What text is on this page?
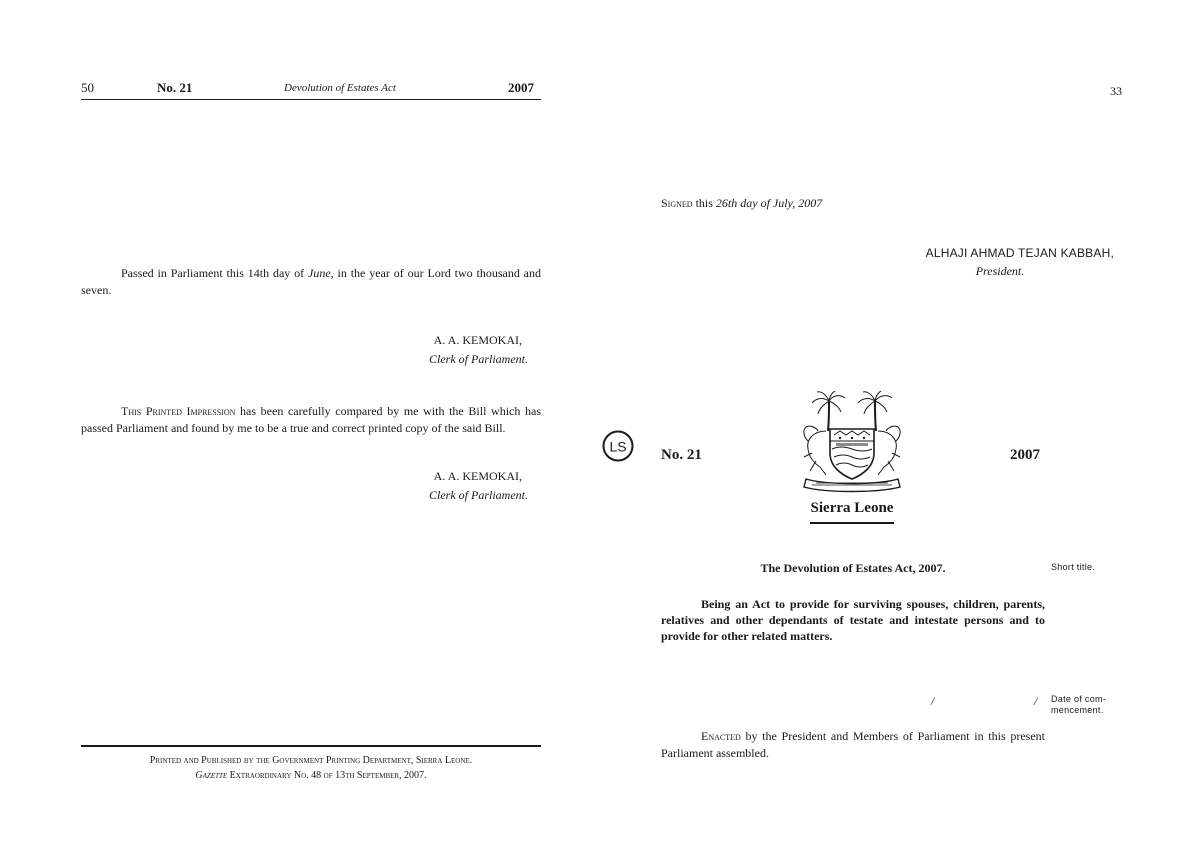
50	No. 21	Devolution of Estates Act	2007
Passed in Parliament this 14th day of June, in the year of our Lord two thousand and seven.
A. A. KEMOKAI,
Clerk of Parliament.
This Printed Impression has been carefully compared by me with the Bill which has passed Parliament and found by me to be a true and correct printed copy of the said Bill.
A. A. KEMOKAI,
Clerk of Parliament.
Printed and Published by the Government Printing Department, Sierra Leone.
Gazette Extraordinary No. 48 of 13th September, 2007.
33
Signed this 26th day of July, 2007
ALHAJI AHMAD TEJAN KABBAH,
President.
LS
No. 21	2007
Sierra Leone
The Devolution of Estates Act, 2007.	Short title.
Being an Act to provide for surviving spouses, children, parents, relatives and other dependants of testate and intestate persons and to provide for other related matters.
/	/ Date of com- mencement.
Enacted by the President and Members of Parliament in this present Parliament assembled.
